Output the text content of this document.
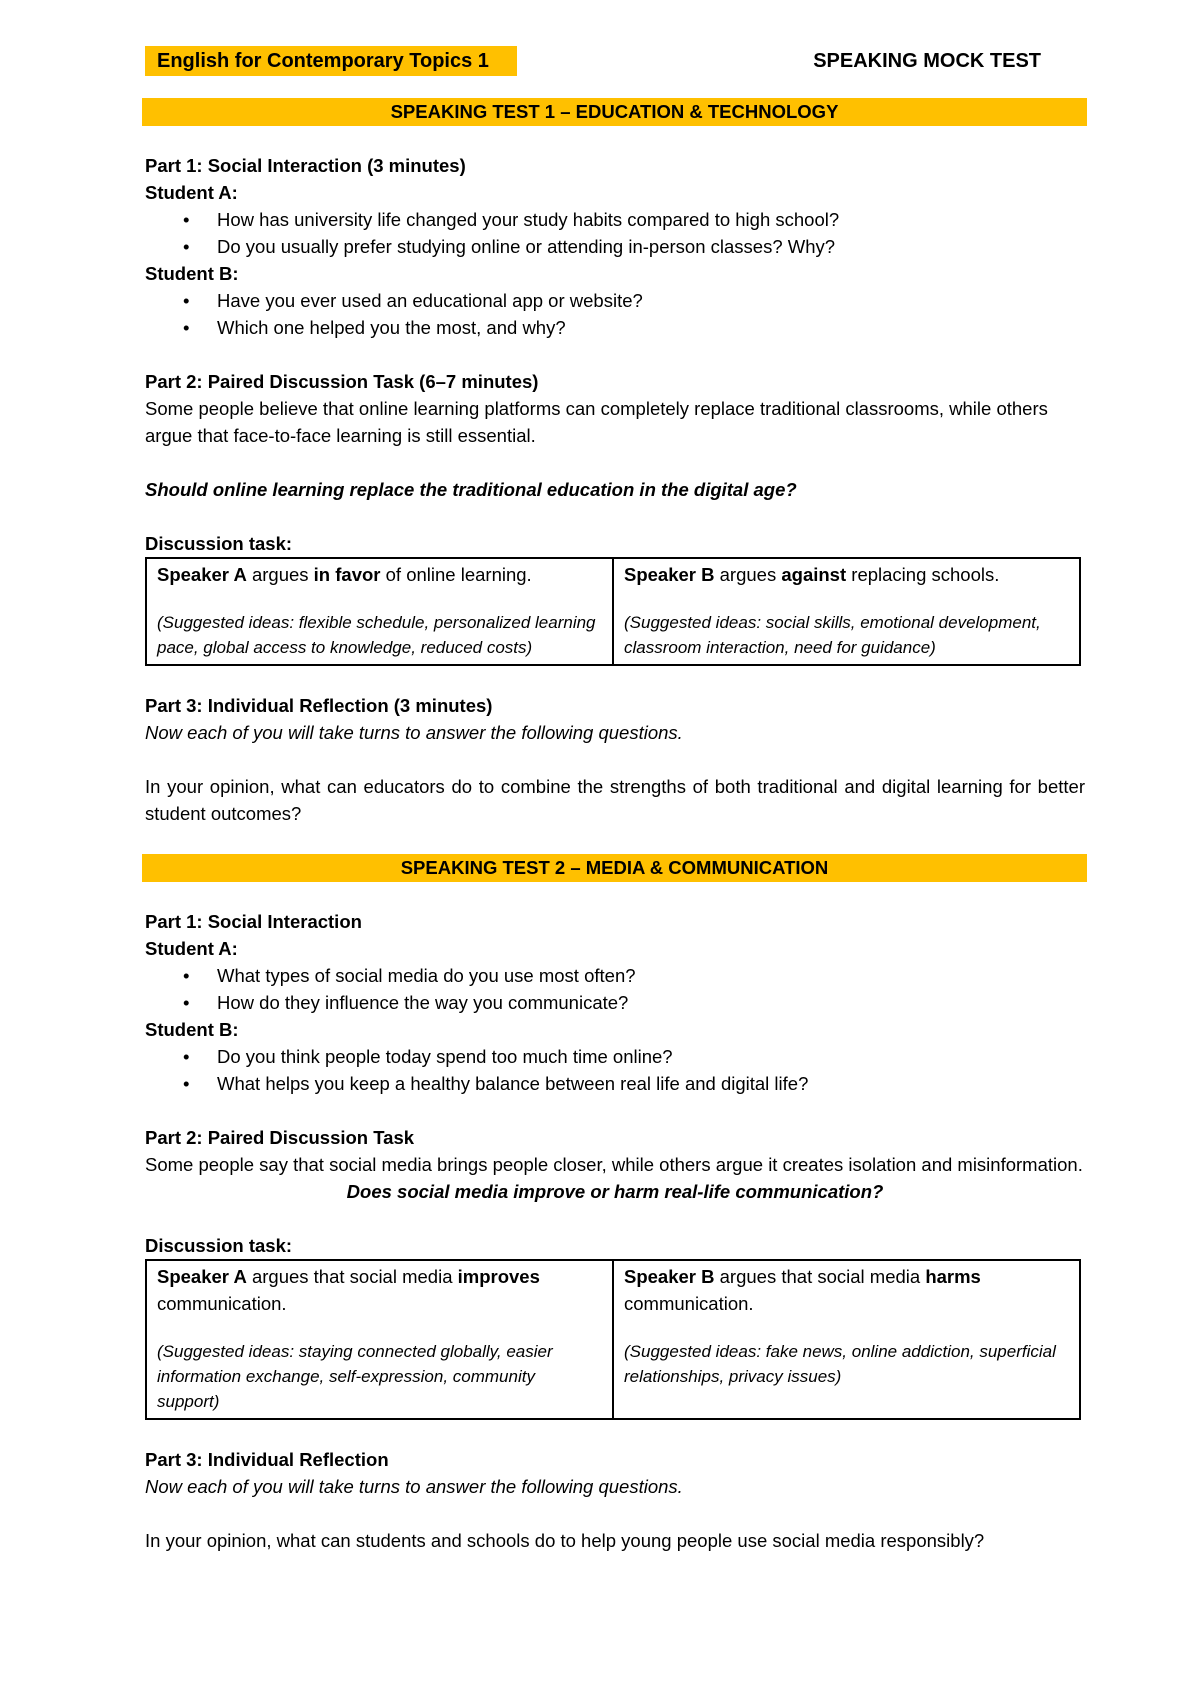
English for Contemporary Topics 1	SPEAKING MOCK TEST
SPEAKING TEST 1 – EDUCATION & TECHNOLOGY
Part 1: Social Interaction (3 minutes)
Student A:
• How has university life changed your study habits compared to high school?
• Do you usually prefer studying online or attending in-person classes? Why?
Student B:
• Have you ever used an educational app or website?
• Which one helped you the most, and why?
Part 2: Paired Discussion Task (6–7 minutes)
Some people believe that online learning platforms can completely replace traditional classrooms, while others argue that face-to-face learning is still essential.
Should online learning replace the traditional education in the digital age?
Discussion task:
Speaker A argues in favor of online learning.
(Suggested ideas: flexible schedule, personalized learning pace, global access to knowledge, reduced costs)

Speaker B argues against replacing schools.
(Suggested ideas: social skills, emotional development, classroom interaction, need for guidance)
Part 3: Individual Reflection (3 minutes)
Now each of you will take turns to answer the following questions.
In your opinion, what can educators do to combine the strengths of both traditional and digital learning for better student outcomes?
SPEAKING TEST 2 – MEDIA & COMMUNICATION
Part 1: Social Interaction
Student A:
• What types of social media do you use most often?
• How do they influence the way you communicate?
Student B:
• Do you think people today spend too much time online?
• What helps you keep a healthy balance between real life and digital life?
Part 2: Paired Discussion Task
Some people say that social media brings people closer, while others argue it creates isolation and misinformation.
Does social media improve or harm real-life communication?
Discussion task:
Speaker A argues that social media improves communication.
(Suggested ideas: staying connected globally, easier information exchange, self-expression, community support)

Speaker B argues that social media harms communication.
(Suggested ideas: fake news, online addiction, superficial relationships, privacy issues)
Part 3: Individual Reflection
Now each of you will take turns to answer the following questions.
In your opinion, what can students and schools do to help young people use social media responsibly?
